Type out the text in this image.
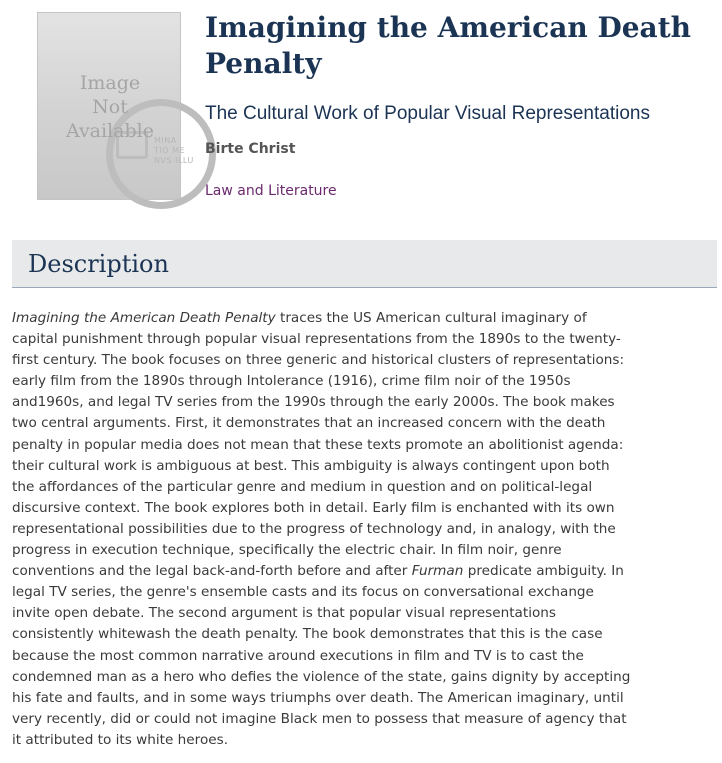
MINA TIO ME NVS ILLU
Image
Not
Available
Imagining the American Death
Penalty
The Cultural Work of Popular Visual Representations
Birte Christ
Law and Literature
Description
Imagining the American Death Penalty traces the US American cultural imaginary of
capital punishment through popular visual representations from the 1890s to the twenty-
first century. The book focuses on three generic and historical clusters of representations:
early film from the 1890s through Intolerance (1916), crime film noir of the 1950s
and1960s, and legal TV series from the 1990s through the early 2000s. The book makes
two central arguments. First, it demonstrates that an increased concern with the death
penalty in popular media does not mean that these texts promote an abolitionist agenda:
their cultural work is ambiguous at best. This ambiguity is always contingent upon both
the affordances of the particular genre and medium in question and on political-legal
discursive context. The book explores both in detail. Early film is enchanted with its own
representational possibilities due to the progress of technology and, in analogy, with the
progress in execution technique, specifically the electric chair. In film noir, genre
conventions and the legal back-and-forth before and after Furman predicate ambiguity. In
legal TV series, the genre's ensemble casts and its focus on conversational exchange
invite open debate. The second argument is that popular visual representations
consistently whitewash the death penalty. The book demonstrates that this is the case
because the most common narrative around executions in film and TV is to cast the
condemned man as a hero who defies the violence of the state, gains dignity by accepting
his fate and faults, and in some ways triumphs over death. The American imaginary, until
very recently, did or could not imagine Black men to possess that measure of agency that
it attributed to its white heroes.
